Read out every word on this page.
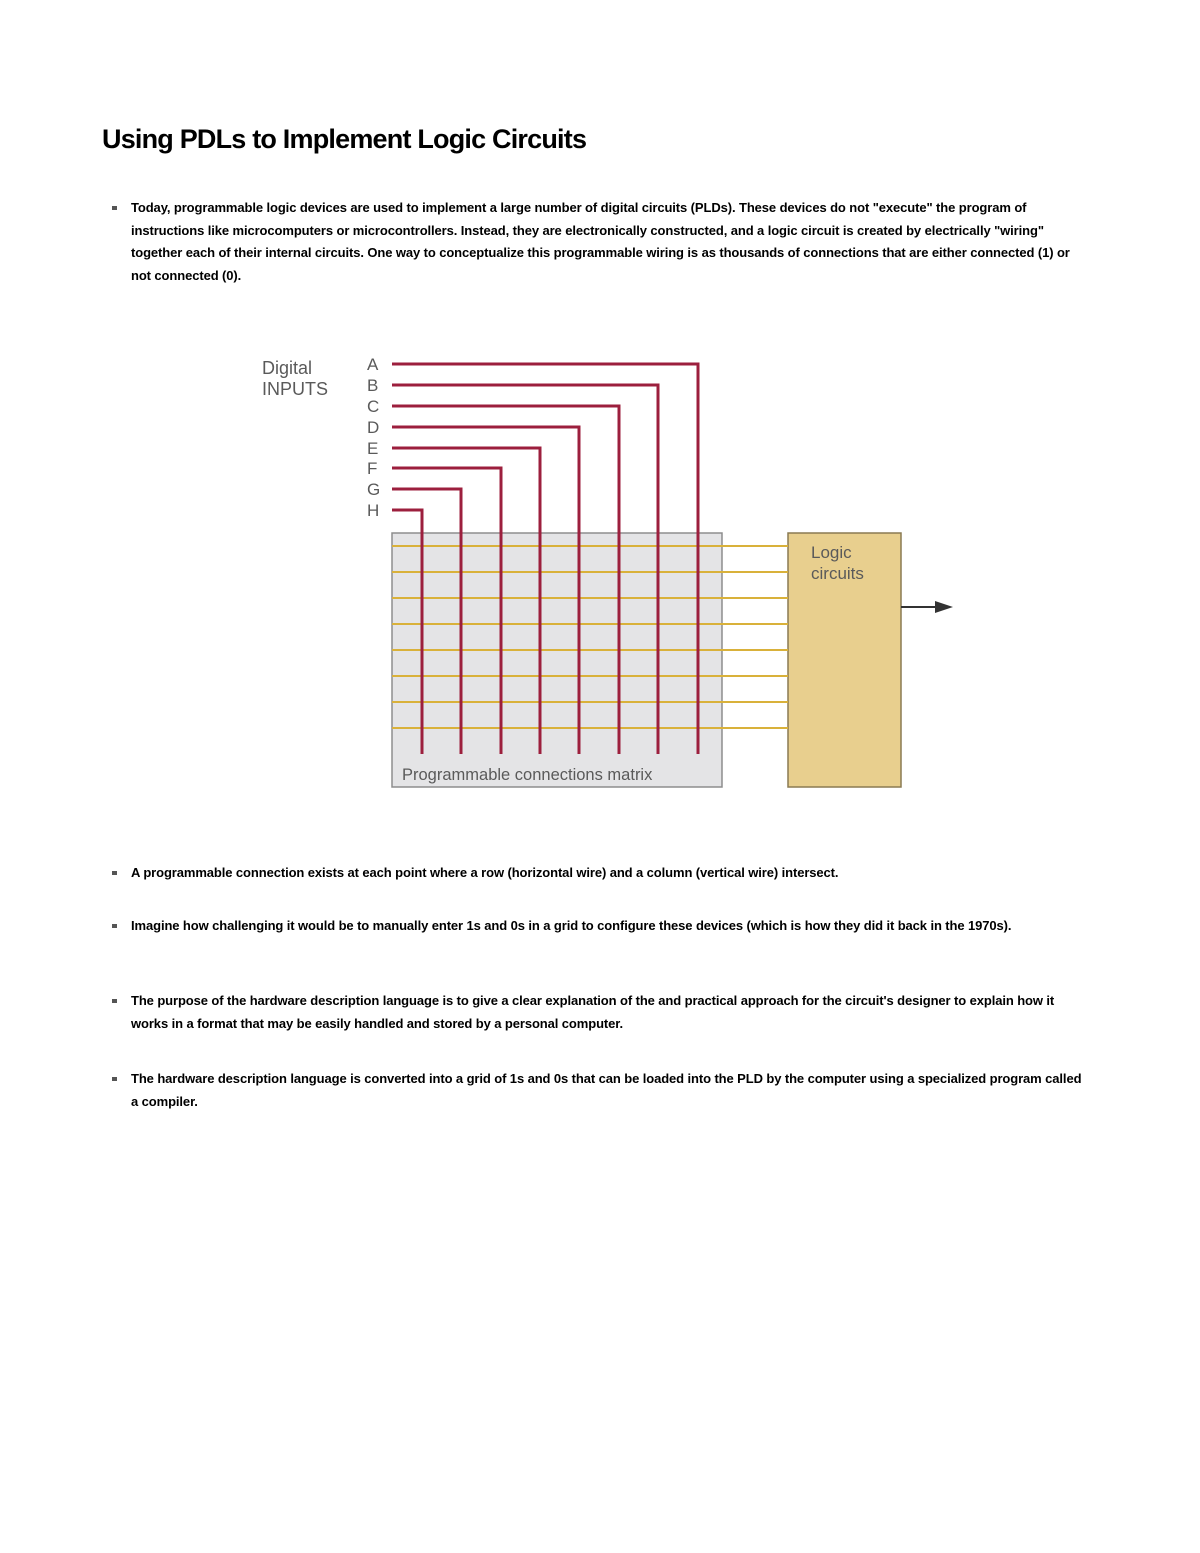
Using PDLs to Implement Logic Circuits
Today, programmable logic devices are used to implement a large number of digital circuits (PLDs). These devices do not "execute" the program of instructions like microcomputers or microcontrollers. Instead, they are electronically constructed, and a logic circuit is created by electrically "wiring" together each of their internal circuits. One way to conceptualize this programmable wiring is as thousands of connections that are either connected (1) or not connected (0).
A
B
C
D
E
F
G
H
Digital
INPUTS
Programmable connections matrix
Logic
circuits
A programmable connection exists at each point where a row (horizontal wire) and a column (vertical wire) intersect.
Imagine how challenging it would be to manually enter 1s and 0s in a grid to configure these devices (which is how they did it back in the 1970s).
The purpose of the hardware description language is to give a clear explanation of the and practical approach for the circuit's designer to explain how it works in a format that may be easily handled and stored by a personal computer.
The hardware description language is converted into a grid of 1s and 0s that can be loaded into the PLD by the computer using a specialized program called a compiler.
